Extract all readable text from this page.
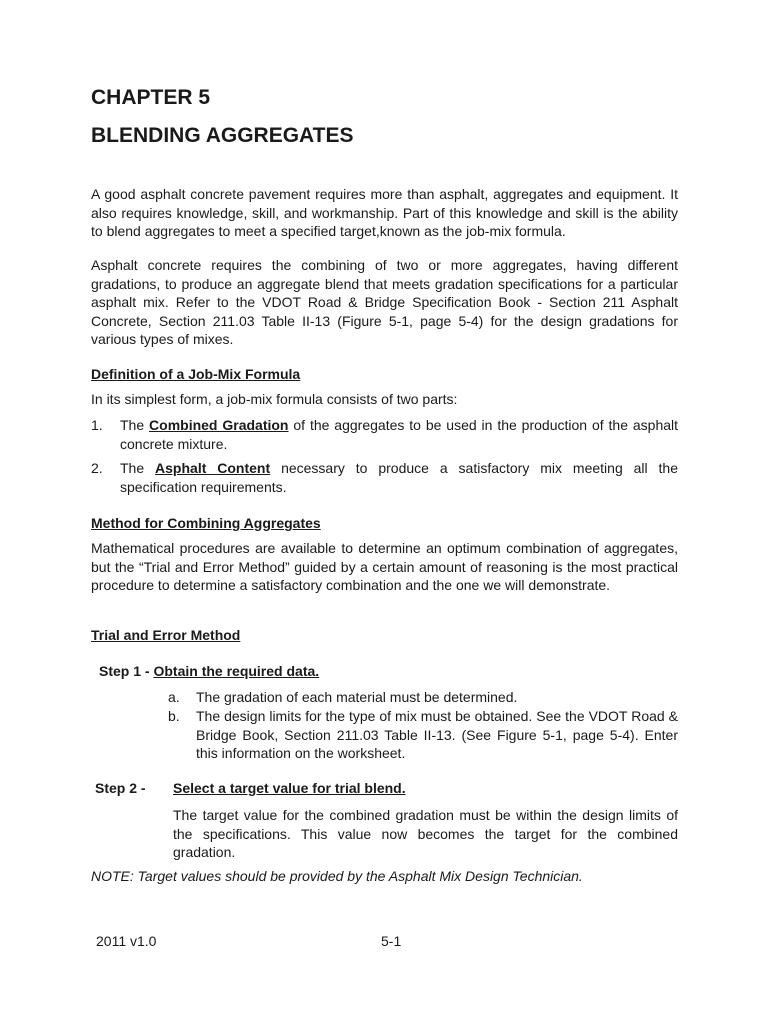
CHAPTER 5
BLENDING AGGREGATES

A good asphalt concrete pavement requires more than asphalt, aggregates and equipment. It also requires knowledge, skill, and workmanship. Part of this knowledge and skill is the ability to blend aggregates to meet a specified target,known as the job-mix formula.

Asphalt concrete requires the combining of two or more aggregates, having different gradations, to produce an aggregate blend that meets gradation specifications for a particular asphalt mix. Refer to the VDOT Road & Bridge Specification Book - Section 211 Asphalt Concrete, Section 211.03 Table II-13 (Figure 5-1, page 5-4) for the design gradations for various types of mixes.

Definition of a Job-Mix Formula

In its simplest form, a job-mix formula consists of two parts:

1. The Combined Gradation of the aggregates to be used in the production of the asphalt concrete mixture.
2. The Asphalt Content necessary to produce a satisfactory mix meeting all the specification requirements.

Method for Combining Aggregates

Mathematical procedures are available to determine an optimum combination of aggregates, but the “Trial and Error Method” guided by a certain amount of reasoning is the most practical procedure to determine a satisfactory combination and the one we will demonstrate.

Trial and Error Method

Step 1 - Obtain the required data.
a. The gradation of each material must be determined.
b. The design limits for the type of mix must be obtained. See the VDOT Road & Bridge Book, Section 211.03 Table II-13. (See Figure 5-1, page 5-4). Enter this information on the worksheet.
Step 2 - Select a target value for trial blend.

The target value for the combined gradation must be within the design limits of the specifications. This value now becomes the target for the combined gradation.

NOTE: Target values should be provided by the Asphalt Mix Design Technician.
2011 v1.0	5-1
